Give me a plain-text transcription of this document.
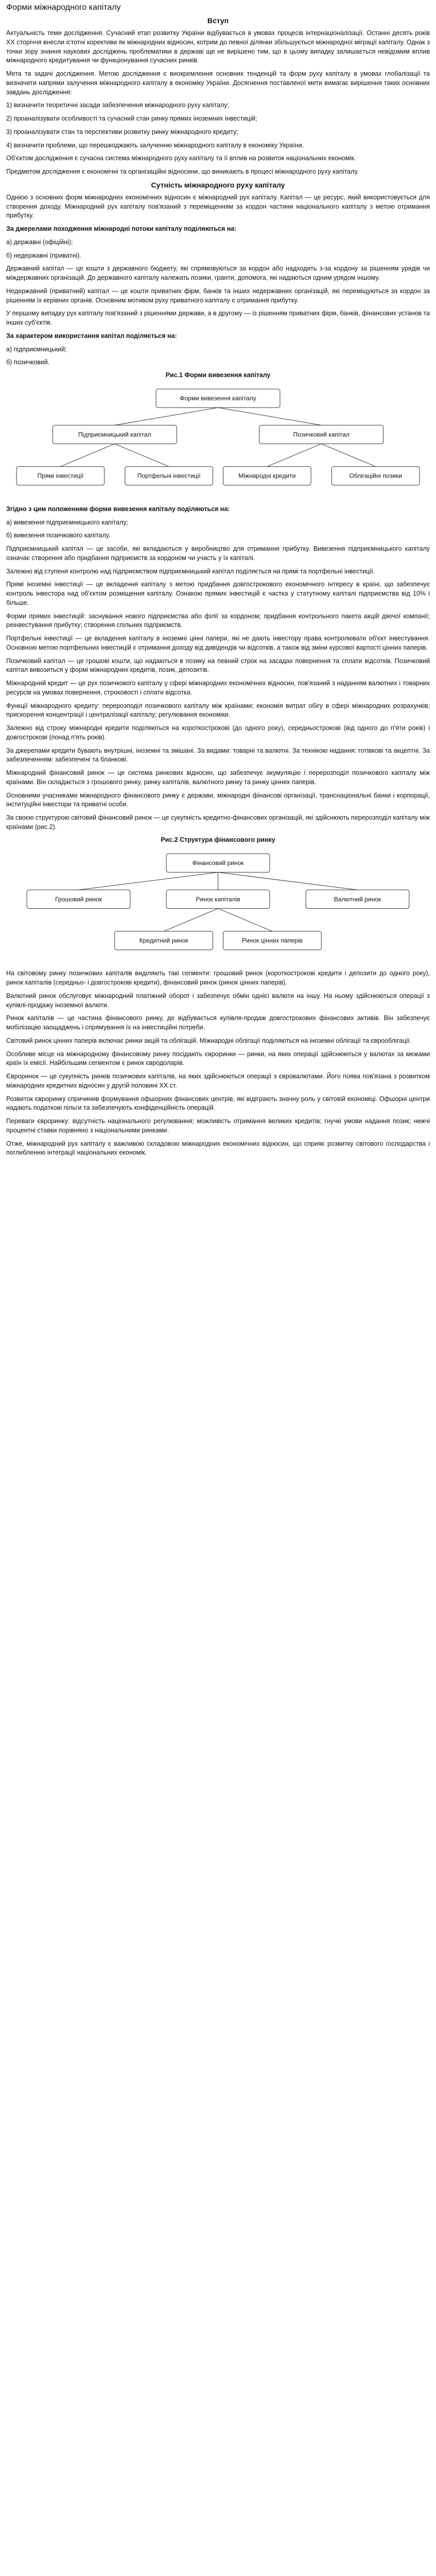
Форми міжнародного капіталу
Вступ

Актуальність теми дослідження. Сучасний етап розвитку України відбувається в умовах процесів інтернаціоналізації. Останні десять років ХХ сторіччя внесли істотні корективи як міжнародних відносин, котрим до певної ділянки збільшується міжнародної міграції капіталу. Однак з точки зору знання наукових досліджень проблематики в державі ще не вирішено тим, що в цьому випадку залишається невідомим вплив міжнародного кредитування чи функціонування сучасних ринків.

Мета та задачі дослідження. Метою дослідження є виокремлення основних тенденцій та форм руху капіталу в умовах глобалізації та визначити напрями залучення міжнародного капіталу в економіку України. Досягнення поставленої мети вимагає вирішення таких основних завдань дослідження:

1) визначити теоретичні засади забезпечення міжнародного руху капіталу;

2) проаналізувати особливості та сучасний стан ринку прямих іноземних інвестицій;

3) проаналізувати стан та перспективи розвитку ринку міжнародного кредиту;

4) визначити проблеми, що перешкоджають залученню міжнародного капіталу в економіку України.

Об'єктом дослідження є сучасна система міжнародного руху капіталу та її вплив на розвиток національних економік.

Предметом дослідження є економічні та організаційні відносини, що виникають в процесі міжнародного руху капіталу.

Сутність міжнародного руху капіталу

Однією з основних форм міжнародних економічних відносин є міжнародний рух капіталу. Капітал — це ресурс, який використовується для створення доходу. Міжнародний рух капіталу пов'язаний з переміщенням за кордон частини національного капіталу з метою отримання прибутку.

За джерелами походження міжнародні потоки капіталу поділяються на:

а) державні (офіційні);

б) недержавні (приватні).

Державний капітал — це кошти з державного бюджету, які спрямовуються за кордон або надходять з-за кордону за рішенням урядів чи міждержавних організацій. До державного капіталу належать позики, гранти, допомога, які надаються одним урядом іншому.

Недержавний (приватний) капітал — це кошти приватних фірм, банків та інших недержавних організацій, які переміщуються за кордон за рішенням їх керівних органів. Основним мотивом руху приватного капіталу є отримання прибутку.

У першому випадку рух капіталу пов'язаний з рішеннями держави, а в другому — із рішенням приватних фірм, банків, фінансових установ та інших суб'єктів.

За характером використання капітал поділяється на:

а) підприємницький;

б) позичковий.

Рис.1 Форми вивезення капіталу
Форми вивезення капіталу
Підприємницький капітал	Позичковий капітал
Прямі інвестиції	Портфельні інвестиції	Міжнародні кредити	Облігаційні позики

Згідно з цим положенням форми вивезення капіталу поділяються на:

а) вивезення підприємницького капіталу;

б) вивезення позичкового капіталу.

Підприємницький капітал — це засоби, які вкладаються у виробництво для отримання прибутку. Вивезення підприємницького капіталу означає створення або придбання підприємств за кордоном чи участь у їх капіталі.

Залежно від ступеня контролю над підприємством підприємницький капітал поділяється на прямі та портфельні інвестиції.

Прямі іноземні інвестиції — це вкладення капіталу з метою придбання довгострокового економічного інтересу в країні, що забезпечує контроль інвестора над об'єктом розміщення капіталу. Ознакою прямих інвестицій є частка у статутному капіталі підприємства від 10% і більше.

Форми прямих інвестицій: заснування нового підприємства або філії за кордоном; придбання контрольного пакета акцій діючої компанії; реінвестування прибутку; створення спільних підприємств.

Портфельні інвестиції — це вкладення капіталу в іноземні цінні папери, які не дають інвестору права контролювати об'єкт інвестування. Основною метою портфельних інвестицій є отримання доходу від дивідендів чи відсотків, а також від зміни курсової вартості цінних паперів.

Позичковий капітал — це грошові кошти, що надаються в позику на певний строк на засадах повернення та сплати відсотків. Позичковий капітал вивозиться у формі міжнародних кредитів, позик, депозитів.

Міжнародний кредит — це рух позичкового капіталу у сфері міжнародних економічних відносин, пов'язаний з наданням валютних і товарних ресурсів на умовах повернення, строковості і сплати відсотка.

Функції міжнародного кредиту: перерозподіл позичкового капіталу між країнами; економія витрат обігу в сфері міжнародних розрахунків; прискорення концентрації і централізації капіталу; регулювання економіки.

Залежно від строку міжнародні кредити поділяються на короткострокові (до одного року), середньострокові (від одного до п'яти років) і довгострокові (понад п'ять років).

За джерелами кредити бувають внутрішні, іноземні та змішані. За видами: товарні та валютні. За технікою надання: готівкові та акцептні. За забезпеченням: забезпечені та бланкові.

Міжнародний фінансовий ринок — це система ринкових відносин, що забезпечує акумуляцію і перерозподіл позичкового капіталу між країнами. Він складається з грошового ринку, ринку капіталів, валютного ринку та ринку цінних паперів.

Основними учасниками міжнародного фінансового ринку є держави, міжнародні фінансові організації, транснаціональні банки і корпорації, інституційні інвестори та приватні особи.

За своєю структурою світовий фінансовий ринок — це сукупність кредитно-фінансових організацій, які здійснюють перерозподіл капіталу між країнами (рис.2).

Рис.2 Структура фінансового ринку
Фінансовий ринок
Грошовий ринок	Ринок капіталів	Валютний ринок
Кредитний ринок	Ринок цінних паперів

На світовому ринку позичкових капіталів виділяють такі сегменти: грошовий ринок (короткострокові кредити і депозити до одного року), ринок капіталів (середньо- і довгострокові кредити), фінансовий ринок (ринок цінних паперів).

Валютний ринок обслуговує міжнародний платіжний оборот і забезпечує обмін однієї валюти на іншу. На ньому здійснюються операції з купівлі-продажу іноземної валюти.

Ринок капіталів — це частина фінансового ринку, де відбувається купівля-продаж довгострокових фінансових активів. Він забезпечує мобілізацію заощаджень і спрямування їх на інвестиційні потреби.

Світовий ринок цінних паперів включає ринки акцій та облігацій. Міжнародні облігації поділяються на іноземні облігації та єврооблігації.

Особливе місце на міжнародному фінансовому ринку посідають євроринки — ринки, на яких операції здійснюються у валютах за межами країн їх емісії. Найбільшим сегментом є ринок євродоларів.

Євроринок — це сукупність ринків позичкових капіталів, на яких здійснюються операції з євровалютами. Його поява пов'язана з розвитком міжнародних кредитних відносин у другій половині ХХ ст.

Розвиток євроринку спричинив формування офшорних фінансових центрів, які відіграють значну роль у світовій економіці. Офшорні центри надають податкові пільги та забезпечують конфіденційність операцій.

Переваги євроринку: відсутність національного регулювання; можливість отримання великих кредитів; гнучкі умови надання позик; нижчі процентні ставки порівняно з національними ринками.

Отже, міжнародний рух капіталу є важливою складовою міжнародних економічних відносин, що сприяє розвитку світового господарства і поглибленню інтеграції національних економік.
